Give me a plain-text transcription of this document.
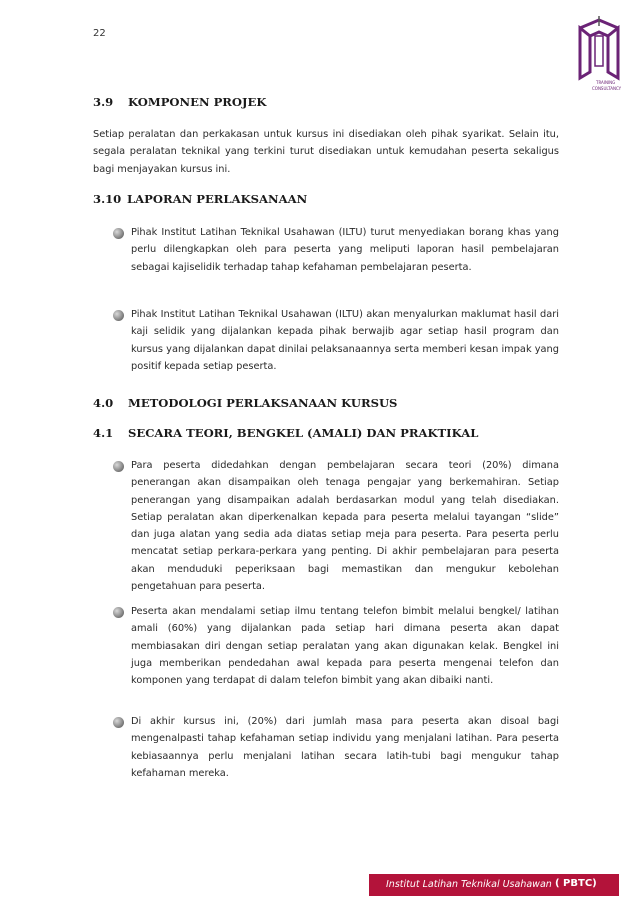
22
TRAINING
CONSULTANCY
3.9 KOMPONEN PROJEK
Setiap peralatan dan perkakasan untuk kursus ini disediakan oleh pihak syarikat. Selain itu, segala peralatan teknikal yang terkini turut disediakan untuk kemudahan peserta sekaligus bagi menjayakan kursus ini.
3.10 LAPORAN PERLAKSANAAN
Pihak Institut Latihan Teknikal Usahawan (ILTU) turut menyediakan borang khas yang perlu dilengkapkan oleh para peserta yang meliputi laporan hasil pembelajaran sebagai kajiselidik terhadap tahap kefahaman pembelajaran peserta.
Pihak Institut Latihan Teknikal Usahawan (ILTU) akan menyalurkan maklumat hasil dari kaji selidik yang dijalankan kepada pihak berwajib agar setiap hasil program dan kursus yang dijalankan dapat dinilai pelaksanaannya serta memberi kesan impak yang positif kepada setiap peserta.
4.0 METODOLOGI PERLAKSANAAN KURSUS
4.1 SECARA TEORI, BENGKEL (AMALI) DAN PRAKTIKAL
Para peserta didedahkan dengan pembelajaran secara teori (20%) dimana penerangan akan disampaikan oleh tenaga pengajar yang berkemahiran. Setiap penerangan yang disampaikan adalah berdasarkan modul yang telah disediakan. Setiap peralatan akan diperkenalkan kepada para peserta melalui tayangan “slide” dan juga alatan yang sedia ada diatas setiap meja para peserta. Para peserta perlu mencatat setiap perkara-perkara yang penting. Di akhir pembelajaran para peserta akan menduduki peperiksaan bagi memastikan dan mengukur kebolehan pengetahuan para peserta.
Peserta akan mendalami setiap ilmu tentang telefon bimbit melalui bengkel/ latihan amali (60%) yang dijalankan pada setiap hari dimana peserta akan dapat membiasakan diri dengan setiap peralatan yang akan digunakan kelak. Bengkel ini juga memberikan pendedahan awal kepada para peserta mengenai telefon dan komponen yang terdapat di dalam telefon bimbit yang akan dibaiki nanti.
Di akhir kursus ini, (20%) dari jumlah masa para peserta akan disoal bagi mengenalpasti tahap kefahaman setiap individu yang menjalani latihan. Para peserta kebiasaannya perlu menjalani latihan secara latih-tubi bagi mengukur tahap kefahaman mereka.
Institut Latihan Teknikal Usahawan ( PBTC)
